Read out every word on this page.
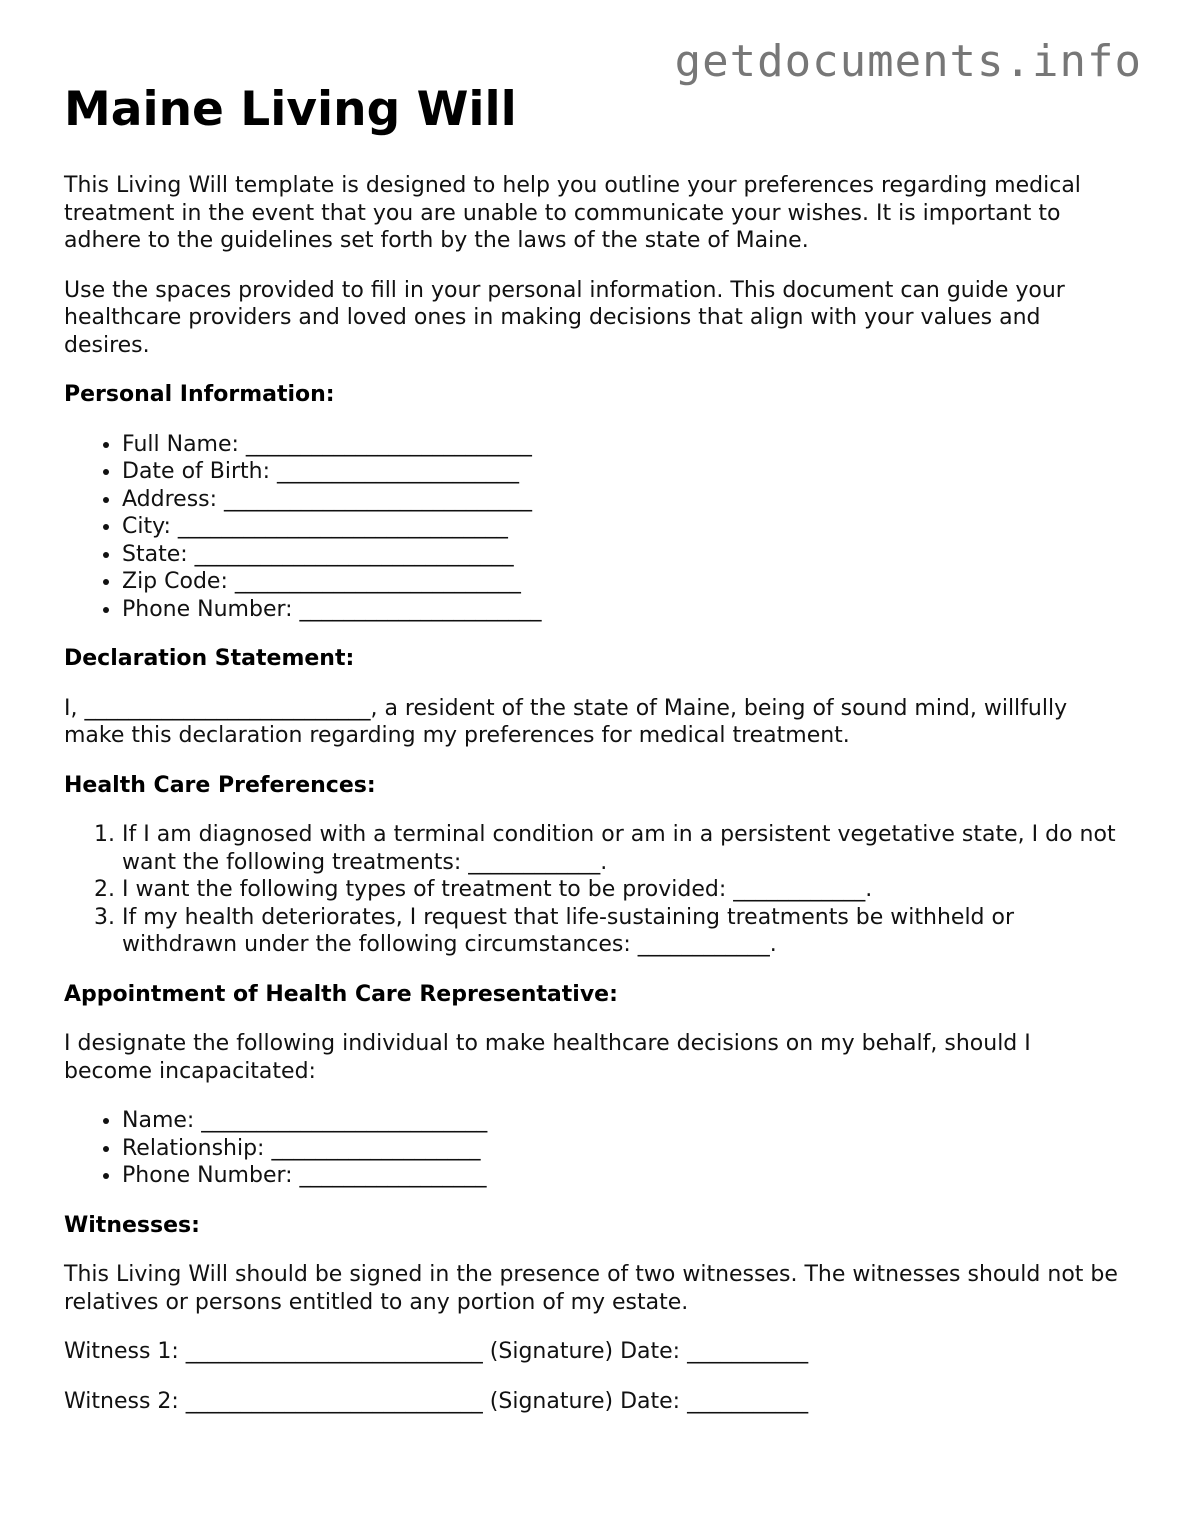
getdocuments.info
Maine Living Will

This Living Will template is designed to help you outline your preferences regarding medical treatment in the event that you are unable to communicate your wishes. It is important to adhere to the guidelines set forth by the laws of the state of Maine.

Use the spaces provided to fill in your personal information. This document can guide your healthcare providers and loved ones in making decisions that align with your values and desires.

Personal Information:
• Full Name: __________________________
• Date of Birth: ______________________
• Address: ____________________________
• City: ______________________________
• State: _____________________________
• Zip Code: __________________________
• Phone Number: ______________________
Declaration Statement:

I, __________________________, a resident of the state of Maine, being of sound mind, willfully make this declaration regarding my preferences for medical treatment.

Health Care Preferences:
1. If I am diagnosed with a terminal condition or am in a persistent vegetative state, I do not want the following treatments: ____________.
2. I want the following types of treatment to be provided: ____________.
3. If my health deteriorates, I request that life-sustaining treatments be withheld or withdrawn under the following circumstances: ____________.
Appointment of Health Care Representative:

I designate the following individual to make healthcare decisions on my behalf, should I become incapacitated:

• Name: __________________________
• Relationship: ___________________
• Phone Number: _________________
Witnesses:

This Living Will should be signed in the presence of two witnesses. The witnesses should not be relatives or persons entitled to any portion of my estate.

Witness 1: ___________________________ (Signature) Date: ___________

Witness 2: ___________________________ (Signature) Date: ___________
